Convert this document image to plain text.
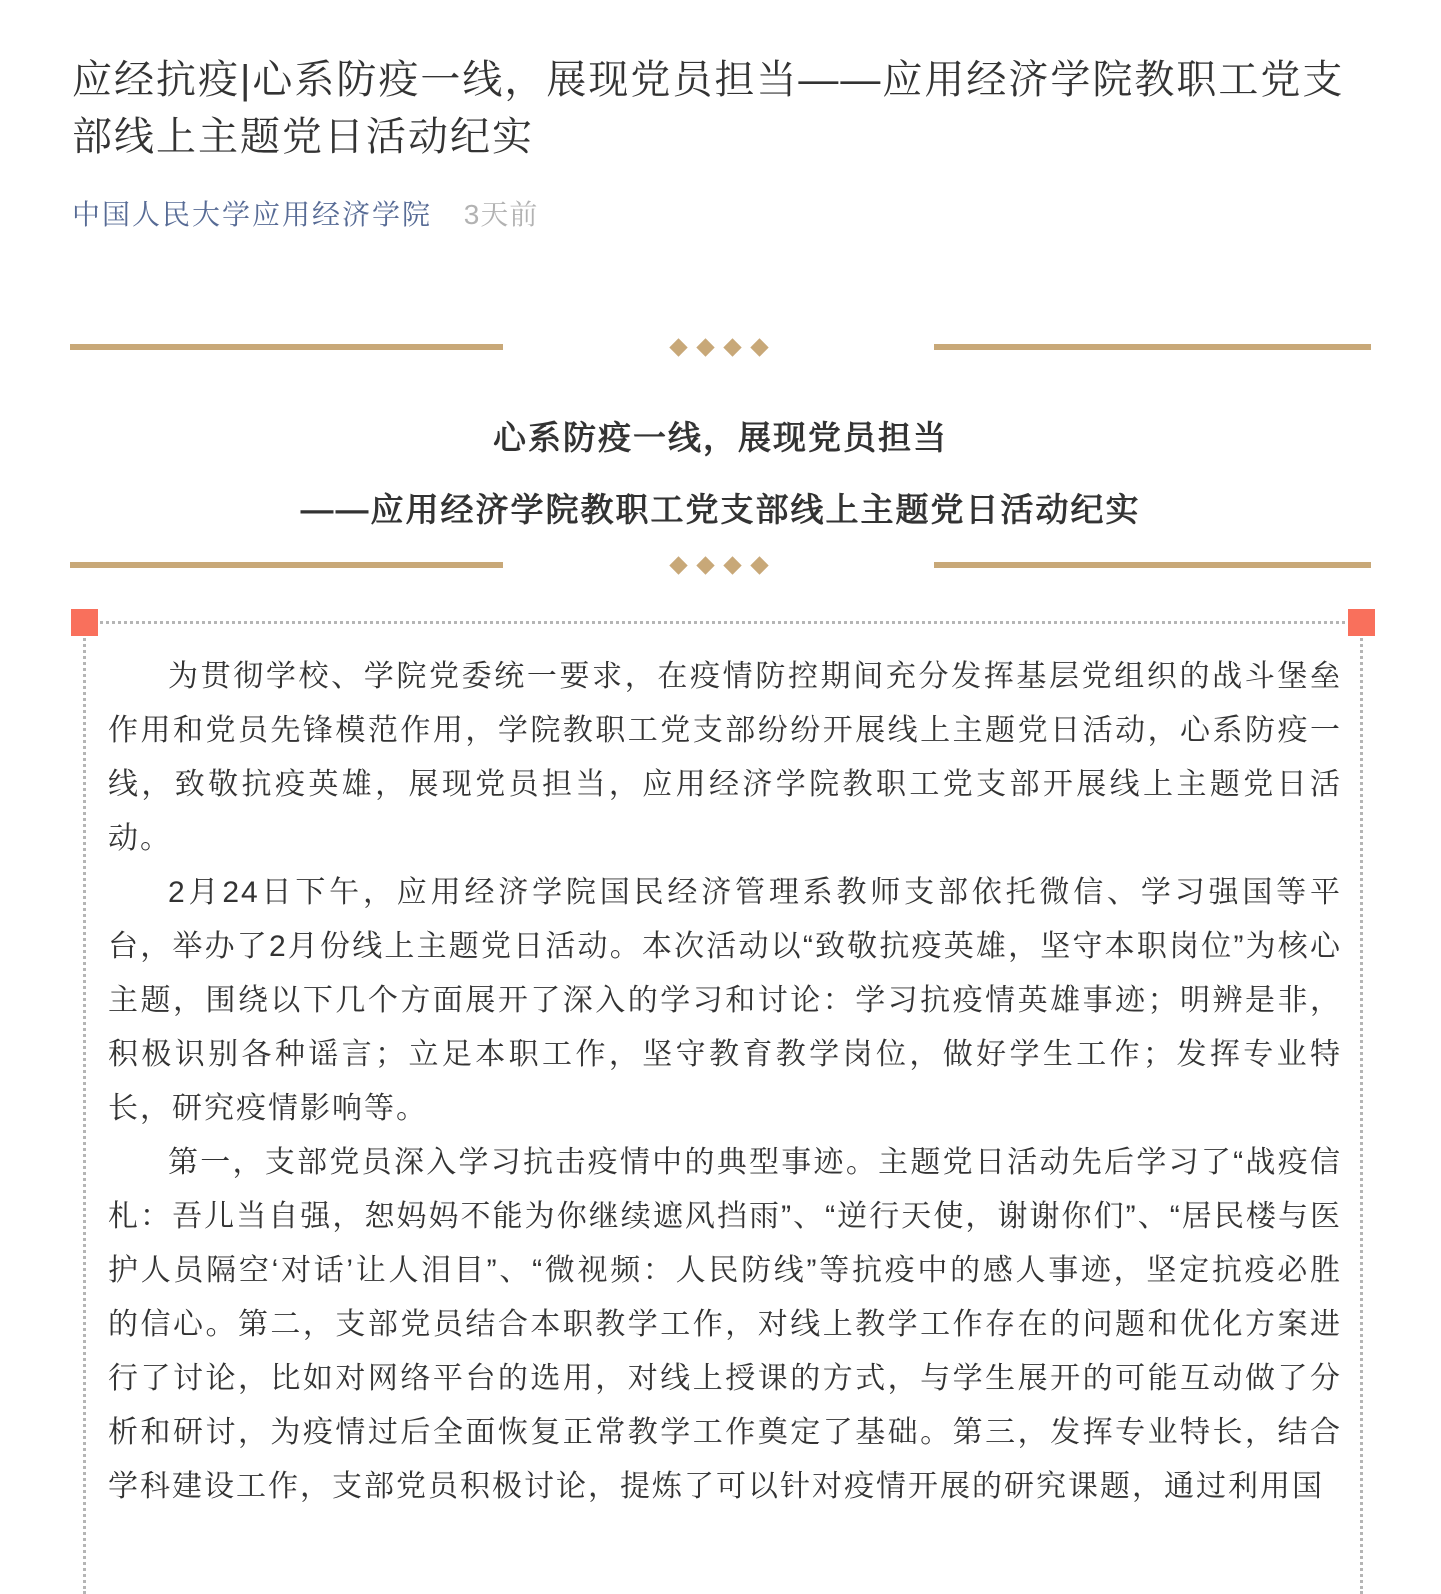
应经抗疫|心系防疫一线，展现党员担当——应用经济学院教职工党支部线上主题党日活动纪实
中国人民大学应用经济学院 3天前

心系防疫一线，展现党员担当

——应用经济学院教职工党支部线上主题党日活动纪实

为贯彻学校、学院党委统一要求，在疫情防控期间充分发挥基层党组织的战斗堡垒作用和党员先锋模范作用，学院教职工党支部纷纷开展线上主题党日活动，心系防疫一线，致敬抗疫英雄，展现党员担当，应用经济学院教职工党支部开展线上主题党日活动。

2月24日下午，应用经济学院国民经济管理系教师支部依托微信、学习强国等平台，举办了2月份线上主题党日活动。本次活动以“致敬抗疫英雄，坚守本职岗位”为核心主题，围绕以下几个方面展开了深入的学习和讨论：学习抗疫情英雄事迹；明辨是非，积极识别各种谣言；立足本职工作，坚守教育教学岗位，做好学生工作；发挥专业特长，研究疫情影响等。

第一，支部党员深入学习抗击疫情中的典型事迹。主题党日活动先后学习了“战疫信札：吾儿当自强，恕妈妈不能为你继续遮风挡雨”、“逆行天使，谢谢你们”、“居民楼与医护人员隔空‘对话’让人泪目”、“微视频：人民防线”等抗疫中的感人事迹，坚定抗疫必胜的信心。第二，支部党员结合本职教学工作，对线上教学工作存在的问题和优化方案进行了讨论，比如对网络平台的选用，对线上授课的方式，与学生展开的可能互动做了分析和研讨，为疫情过后全面恢复正常教学工作奠定了基础。第三，发挥专业特长，结合学科建设工作，支部党员积极讨论，提炼了可以针对疫情开展的研究课题，通过利用国
